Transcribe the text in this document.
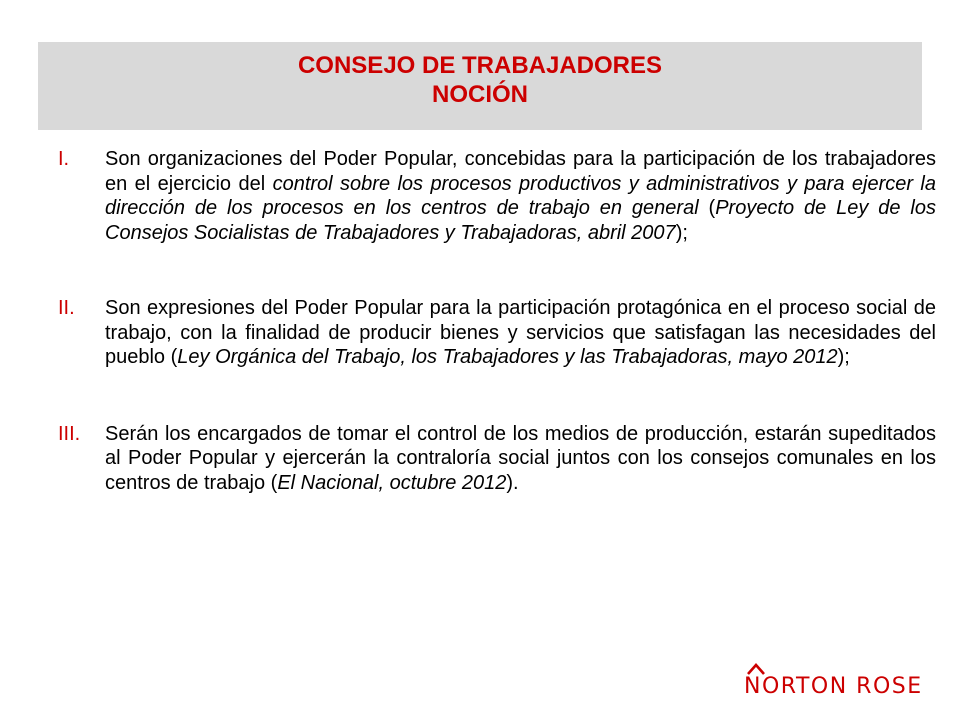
CONSEJO DE TRABAJADORES
NOCIÓN
I.	Son organizaciones del Poder Popular, concebidas para la participación de los trabajadores en el ejercicio del control sobre los procesos productivos y administrativos y para ejercer la dirección de los procesos en los centros de trabajo en general (Proyecto de Ley de los Consejos Socialistas de Trabajadores y Trabajadoras, abril 2007);
II.	Son expresiones del Poder Popular para la participación protagónica en el proceso social de trabajo, con la finalidad de producir bienes y servicios que satisfagan las necesidades del pueblo (Ley Orgánica del Trabajo, los Trabajadores y las Trabajadoras, mayo 2012);
III.	Serán los encargados de tomar el control de los medios de producción, estarán supeditados al Poder Popular y ejercerán la contraloría social juntos con los consejos comunales en los centros de trabajo (El Nacional, octubre 2012).
NORTON ROSE
